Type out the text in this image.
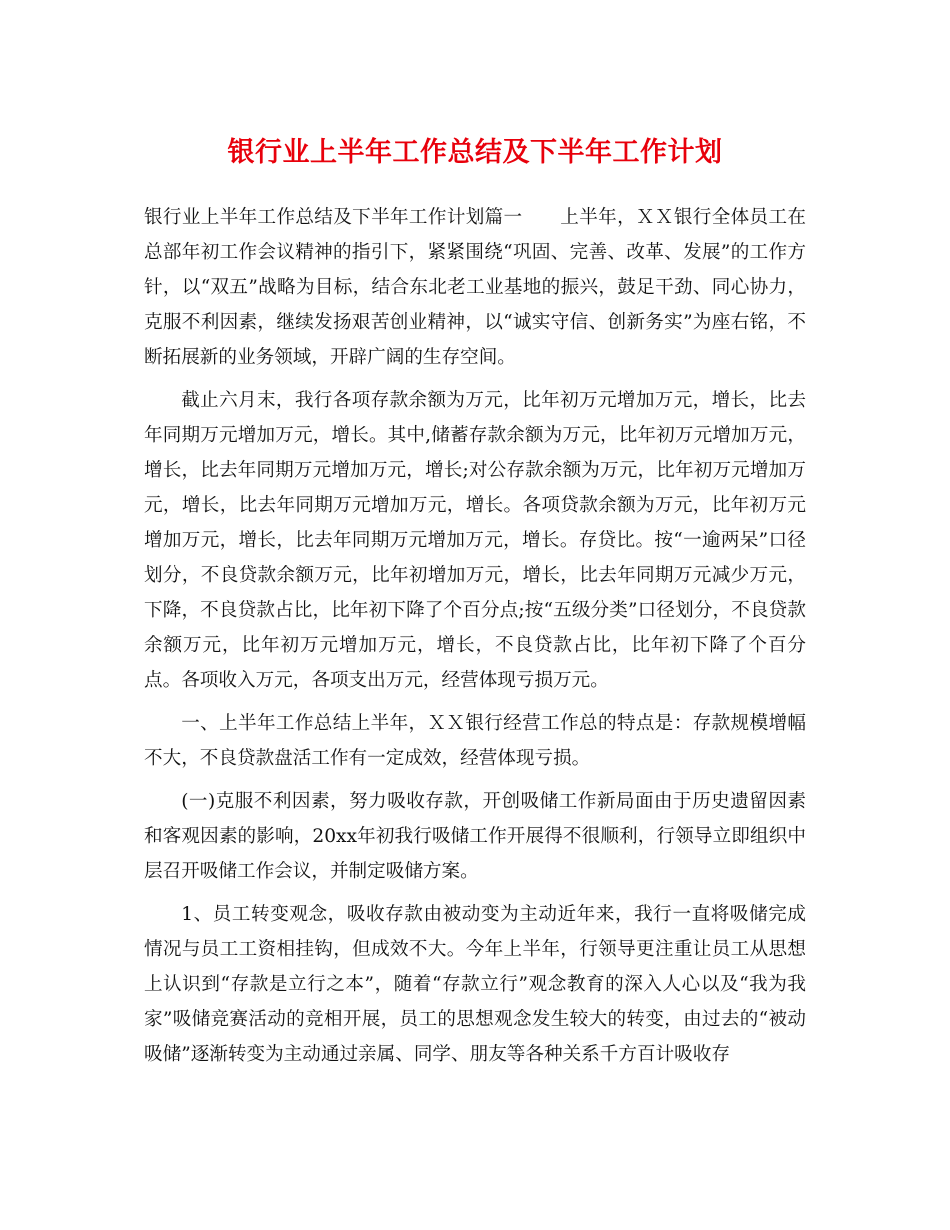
银行业上半年工作总结及下半年工作计划

银行业上半年工作总结及下半年工作计划篇一　　上半年，ＸＸ银行全体员工在总部年初工作会议精神的指引下，紧紧围绕“巩固、完善、改革、发展”的工作方针，以“双五”战略为目标，结合东北老工业基地的振兴，鼓足干劲、同心协力，克服不利因素，继续发扬艰苦创业精神，以“诚实守信、创新务实”为座右铭，不断拓展新的业务领域，开辟广阔的生存空间。

截止六月末，我行各项存款余额为万元，比年初万元增加万元，增长，比去年同期万元增加万元，增长。其中,储蓄存款余额为万元，比年初万元增加万元，增长，比去年同期万元增加万元，增长;对公存款余额为万元，比年初万元增加万元，增长，比去年同期万元增加万元，增长。各项贷款余额为万元，比年初万元增加万元，增长，比去年同期万元增加万元，增长。存贷比。按“一逾两呆”口径划分，不良贷款余额万元，比年初增加万元，增长，比去年同期万元减少万元，下降，不良贷款占比，比年初下降了个百分点;按“五级分类”口径划分，不良贷款余额万元，比年初万元增加万元，增长，不良贷款占比，比年初下降了个百分点。各项收入万元，各项支出万元，经营体现亏损万元。

一、上半年工作总结上半年，ＸＸ银行经营工作总的特点是：存款规模增幅不大，不良贷款盘活工作有一定成效，经营体现亏损。

(一)克服不利因素，努力吸收存款，开创吸储工作新局面由于历史遗留因素和客观因素的影响，20xx年初我行吸储工作开展得不很顺利，行领导立即组织中层召开吸储工作会议，并制定吸储方案。

1、员工转变观念，吸收存款由被动变为主动近年来，我行一直将吸储完成情况与员工工资相挂钩，但成效不大。今年上半年，行领导更注重让员工从思想上认识到“存款是立行之本”，随着“存款立行”观念教育的深入人心以及“我为我家”吸储竞赛活动的竞相开展，员工的思想观念发生较大的转变，由过去的“被动吸储”逐渐转变为主动通过亲属、同学、朋友等各种关系千方百计吸收存
